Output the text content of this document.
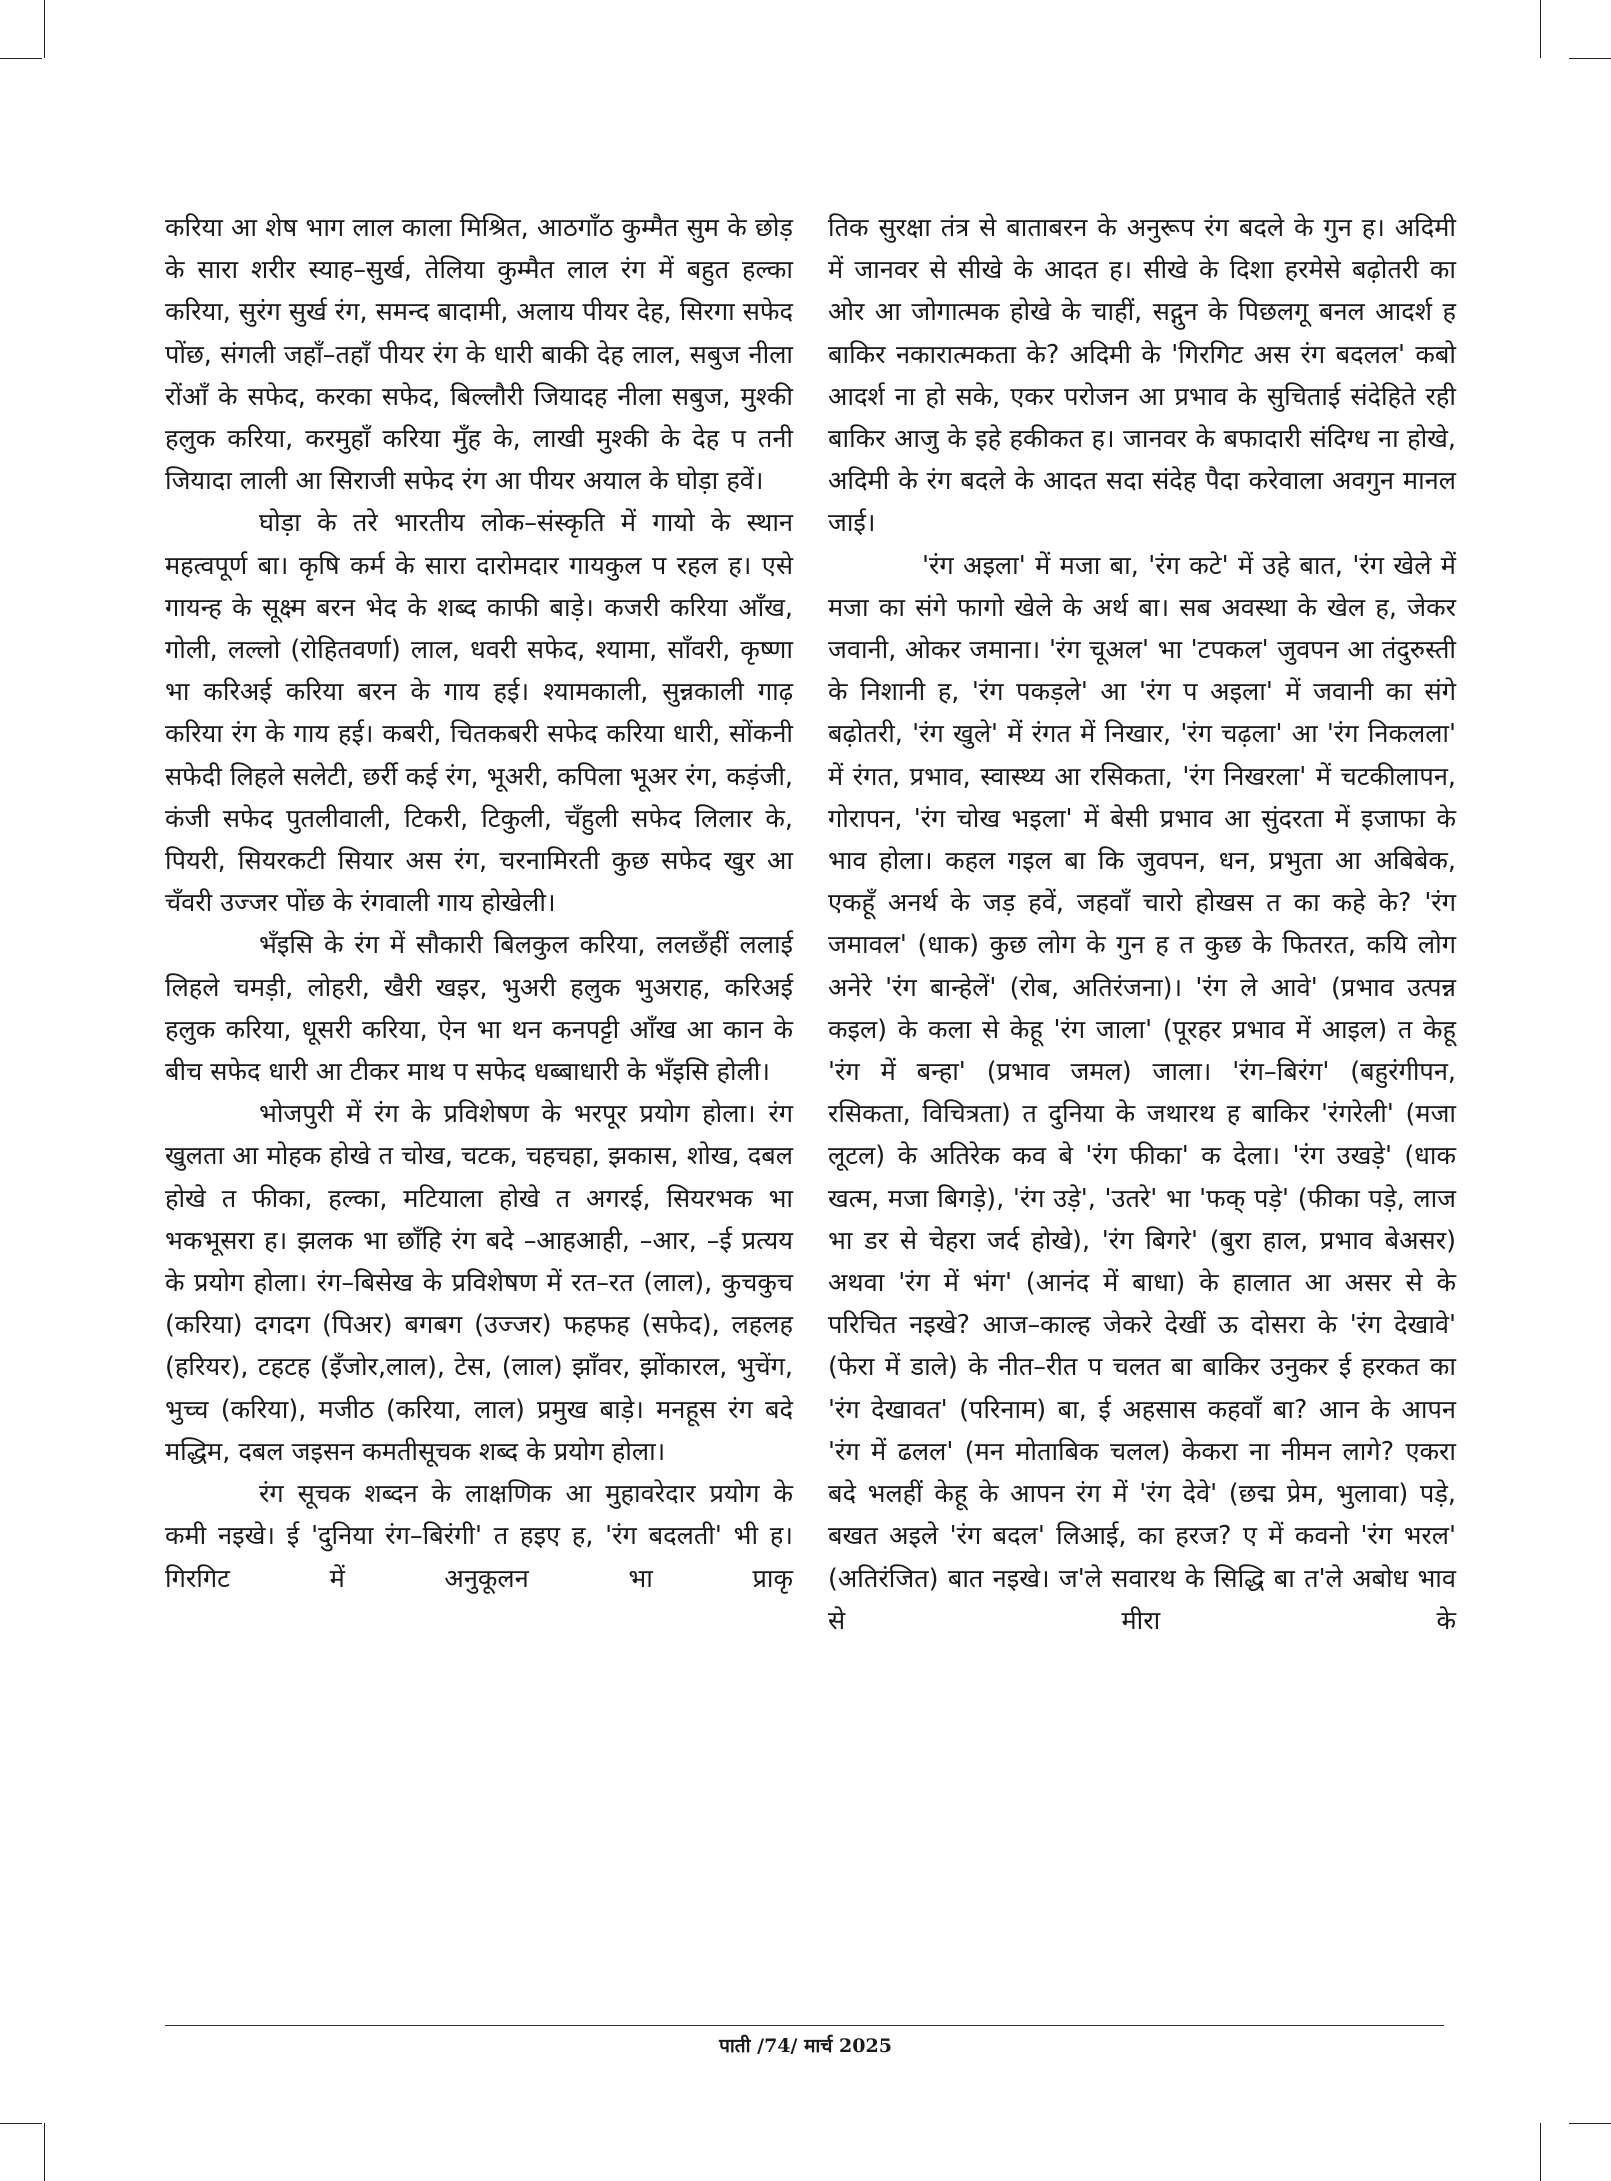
करिया आ शेष भाग लाल काला मिश्रित, आठगाँठ कुम्मैत सुम के छोड़ के सारा शरीर स्याह–सुर्ख, तेलिया कुम्मैत लाल रंग में बहुत हल्का करिया, सुरंग सुर्ख रंग, समन्द बादामी, अलाय पीयर देह, सिरगा सफेद पोंछ, संगली जहाँ–तहाँ पीयर रंग के धारी बाकी देह लाल, सबुज नीला रोंआँ के सफेद, करका सफेद, बिल्लौरी जियादह नीला सबुज, मुश्की हलुक करिया, करमुहाँ करिया मुँह के, लाखी मुश्की के देह प तनी जियादा लाली आ सिराजी सफेद रंग आ पीयर अयाल के घोड़ा हवें।

घोड़ा के तरे भारतीय लोक–संस्कृति में गायो के स्थान महत्वपूर्ण बा। कृषि कर्म के सारा दारोमदार गायकुल प रहल ह। एसे गायन्ह के सूक्ष्म बरन भेद के शब्द काफी बाड़े। कजरी करिया आँख, गोली, लल्लो (रोहितवर्णा) लाल, धवरी सफेद, श्यामा, साँवरी, कृष्णा भा करिअई करिया बरन के गाय हई। श्यामकाली, सुन्नकाली गाढ़ करिया रंग के गाय हई। कबरी, चितकबरी सफेद करिया धारी, सोंकनी सफेदी लिहले सलेटी, छर्री कई रंग, भूअरी, कपिला भूअर रंग, कड़ंजी, कंजी सफेद पुतलीवाली, टिकरी, टिकुली, चँहुली सफेद लिलार के, पियरी, सियरकटी सियार अस रंग, चरनामिरती कुछ सफेद खुर आ चँवरी उज्जर पोंछ के रंगवाली गाय होखेली।

भँइसि के रंग में सौकारी बिलकुल करिया, ललछँहीं ललाई लिहले चमड़ी, लोहरी, खैरी खइर, भुअरी हलुक भुअराह, करिअई हलुक करिया, धूसरी करिया, ऐन भा थन कनपट्टी आँख आ कान के बीच सफेद धारी आ टीकर माथ प सफेद धब्बाधारी के भँइसि होली।

भोजपुरी में रंग के प्रविशेषण के भरपूर प्रयोग होला। रंग खुलता आ मोहक होखे त चोख, चटक, चहचहा, झकास, शोख, दबल होखे त फीका, हल्का, मटियाला होखे त अगरई, सियरभक भा भकभूसरा ह। झलक भा छाँहि रंग बदे –आहआही, –आर, –ई प्रत्यय के प्रयोग होला। रंग–बिसेख के प्रविशेषण में रत–रत (लाल), कुचकुच (करिया) दगदग (पिअर) बगबग (उज्जर) फहफह (सफेद), लहलह (हरियर), टहटह (इँजोर,लाल), टेस, (लाल) झाँवर, झोंकारल, भुचेंग, भुच्च (करिया), मजीठ (करिया, लाल) प्रमुख बाड़े। मनहूस रंग बदे मद्धिम, दबल जइसन कमतीसूचक शब्द के प्रयोग होला।

रंग सूचक शब्दन के लाक्षणिक आ मुहावरेदार प्रयोग के कमी नइखे। ई 'दुनिया रंग–बिरंगी' त हइए ह, 'रंग बदलती' भी ह। गिरगिट में अनुकूलन भा प्राकृ

तिक सुरक्षा तंत्र से बाताबरन के अनुरूप रंग बदले के गुन ह। अदिमी में जानवर से सीखे के आदत ह। सीखे के दिशा हरमेसे बढ़ोतरी का ओर आ जोगात्मक होखे के चाहीं, सद्गुन के पिछलगू बनल आदर्श ह बाकिर नकारात्मकता के? अदिमी के 'गिरगिट अस रंग बदलल' कबो आदर्श ना हो सके, एकर परोजन आ प्रभाव के सुचिताई संदेहिते रही बाकिर आजु के इहे हकीकत ह। जानवर के बफादारी संदिग्ध ना होखे, अदिमी के रंग बदले के आदत सदा संदेह पैदा करेवाला अवगुन मानल जाई।

'रंग अइला' में मजा बा, 'रंग कटे' में उहे बात, 'रंग खेले में मजा का संगे फागो खेले के अर्थ बा। सब अवस्था के खेल ह, जेकर जवानी, ओकर जमाना। 'रंग चूअल' भा 'टपकल' जुवपन आ तंदुरुस्ती के निशानी ह, 'रंग पकड़ले' आ 'रंग प अइला' में जवानी का संगे बढ़ोतरी, 'रंग खुले' में रंगत में निखार, 'रंग चढ़ला' आ 'रंग निकलला' में रंगत, प्रभाव, स्वास्थ्य आ रसिकता, 'रंग निखरला' में चटकीलापन, गोरापन, 'रंग चोख भइला' में बेसी प्रभाव आ सुंदरता में इजाफा के भाव होला। कहल गइल बा कि जुवपन, धन, प्रभुता आ अबिबेक, एकहूँ अनर्थ के जड़ हवें, जहवाँ चारो होखस त का कहे के? 'रंग जमावल' (धाक) कुछ लोग के गुन ह त कुछ के फितरत, कयि लोग अनेरे 'रंग बान्हेलें' (रोब, अतिरंजना)। 'रंग ले आवे' (प्रभाव उत्पन्न कइल) के कला से केहू 'रंग जाला' (पूरहर प्रभाव में आइल) त केहू 'रंग में बन्हा' (प्रभाव जमल) जाला। 'रंग–बिरंग' (बहुरंगीपन, रसिकता, विचित्रता) त दुनिया के जथारथ ह बाकिर 'रंगरेली' (मजा लूटल) के अतिरेक कव बे 'रंग फीका' क देला। 'रंग उखड़े' (धाक खत्म, मजा बिगड़े), 'रंग उड़े', 'उतरे' भा 'फक् पड़े' (फीका पड़े, लाज भा डर से चेहरा जर्द होखे), 'रंग बिगरे' (बुरा हाल, प्रभाव बेअसर) अथवा 'रंग में भंग' (आनंद में बाधा) के हालात आ असर से के परिचित नइखे? आज–काल्ह जेकरे देखीं ऊ दोसरा के 'रंग देखावे' (फेरा में डाले) के नीत–रीत प चलत बा बाकिर उनुकर ई हरकत का 'रंग देखावत' (परिनाम) बा, ई अहसास कहवाँ बा? आन के आपन 'रंग में ढलल' (मन मोताबिक चलल) केकरा ना नीमन लागे? एकरा बदे भलहीं केहू के आपन रंग में 'रंग देवे' (छद्म प्रेम, भुलावा) पड़े, बखत अइले 'रंग बदल' लिआई, का हरज? ए में कवनो 'रंग भरल' (अतिरंजित) बात नइखे। ज'ले सवारथ के सिद्धि बा त'ले अबोध भाव से मीरा के

पाती /74/ मार्च 2025
